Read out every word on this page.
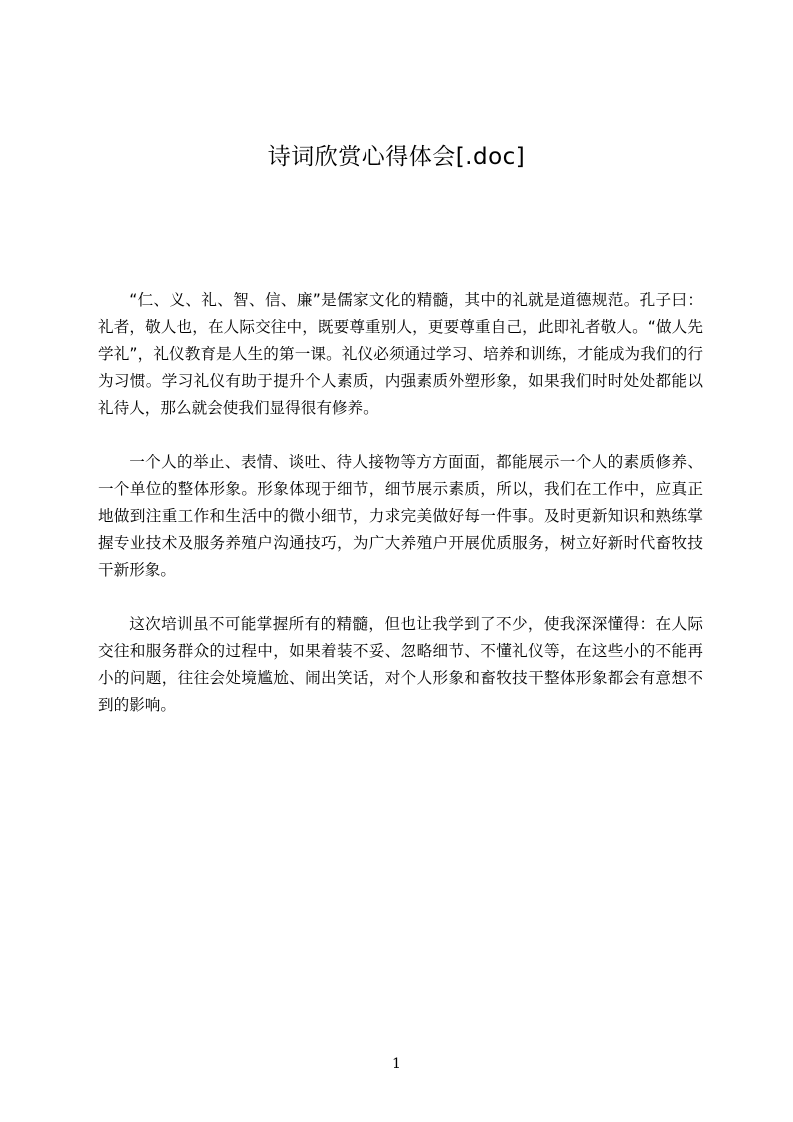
诗词欣赏心得体会[.doc]

“仁、义、礼、智、信、廉”是儒家文化的精髓，其中的礼就是道德规范。孔子曰：礼者，敬人也，在人际交往中，既要尊重别人，更要尊重自己，此即礼者敬人。“做人先学礼”，礼仪教育是人生的第一课。礼仪必须通过学习、培养和训练，才能成为我们的行为习惯。学习礼仪有助于提升个人素质，内强素质外塑形象，如果我们时时处处都能以礼待人，那么就会使我们显得很有修养。

一个人的举止、表情、谈吐、待人接物等方方面面，都能展示一个人的素质修养、一个单位的整体形象。形象体现于细节，细节展示素质，所以，我们在工作中，应真正地做到注重工作和生活中的微小细节，力求完美做好每一件事。及时更新知识和熟练掌握专业技术及服务养殖户沟通技巧，为广大养殖户开展优质服务，树立好新时代畜牧技干新形象。

这次培训虽不可能掌握所有的精髓，但也让我学到了不少，使我深深懂得：在人际交往和服务群众的过程中，如果着装不妥、忽略细节、不懂礼仪等，在这些小的不能再小的问题，往往会处境尴尬、闹出笑话，对个人形象和畜牧技干整体形象都会有意想不到的影响。

1
